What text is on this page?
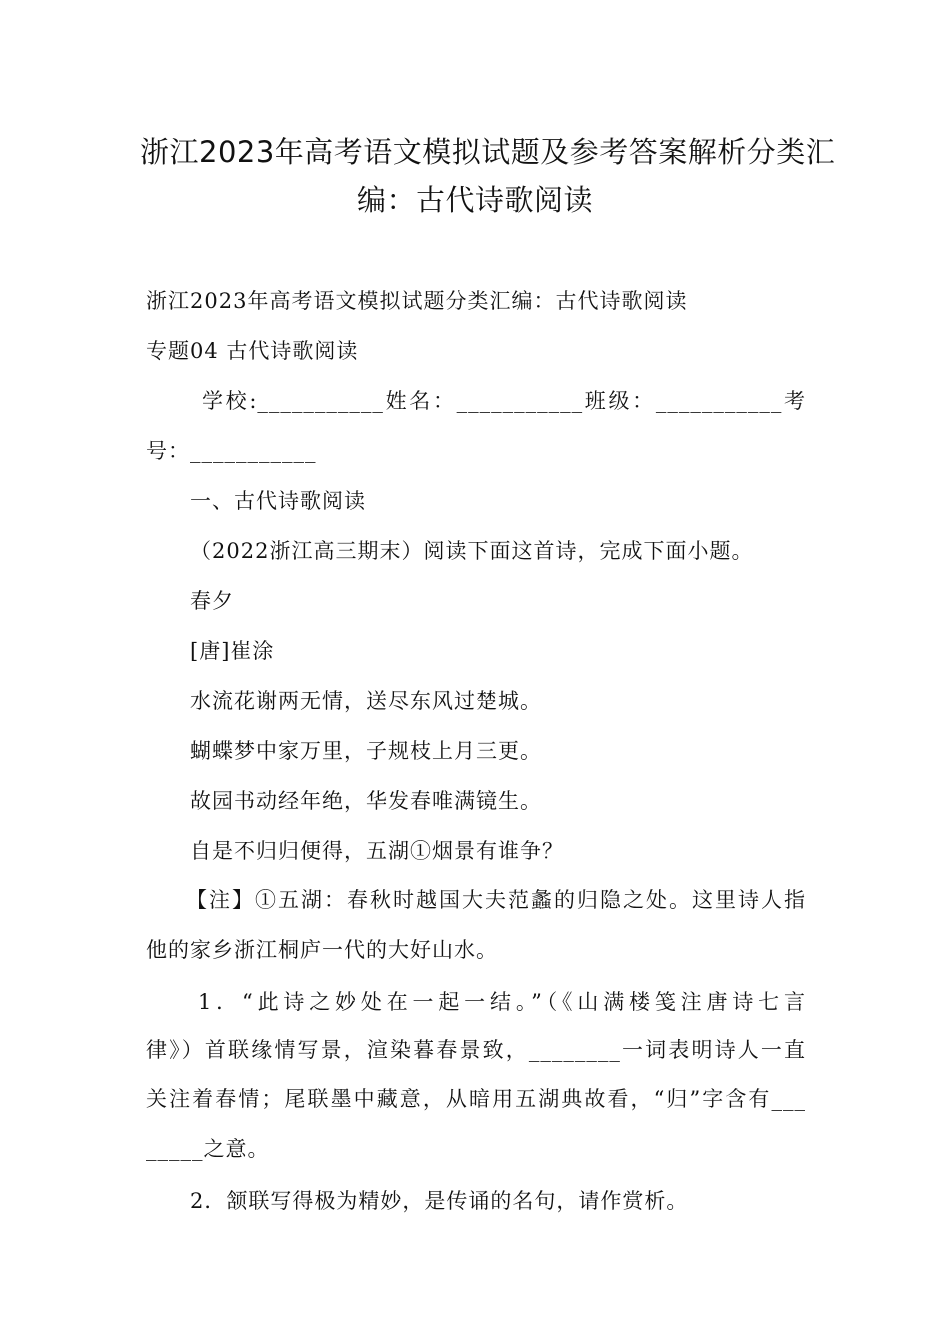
浙江2023年高考语文模拟试题及参考答案解析分类汇
编：古代诗歌阅读
浙江2023年高考语文模拟试题分类汇编：古代诗歌阅读
专题04 古代诗歌阅读
学校:___________姓名：___________班级：___________考
号：___________
一、古代诗歌阅读
（2022浙江高三期末）阅读下面这首诗，完成下面小题。
春夕
[唐]崔涂
水流花谢两无情，送尽东风过楚城。
蝴蝶梦中家万里，子规枝上月三更。
故园书动经年绝，华发春唯满镜生。
自是不归归便得，五湖①烟景有谁争？
【注】①五湖：春秋时越国大夫范蠡的归隐之处。这里诗人指
他的家乡浙江桐庐一代的大好山水。
1．“此诗之妙处在一起一结。”（《山满楼笺注唐诗七言
律》）首联缘情写景，渲染暮春景致，________一词表明诗人一直
关注着春情；尾联墨中藏意，从暗用五湖典故看，“归”字含有___
_____之意。
2．颔联写得极为精妙，是传诵的名句，请作赏析。
